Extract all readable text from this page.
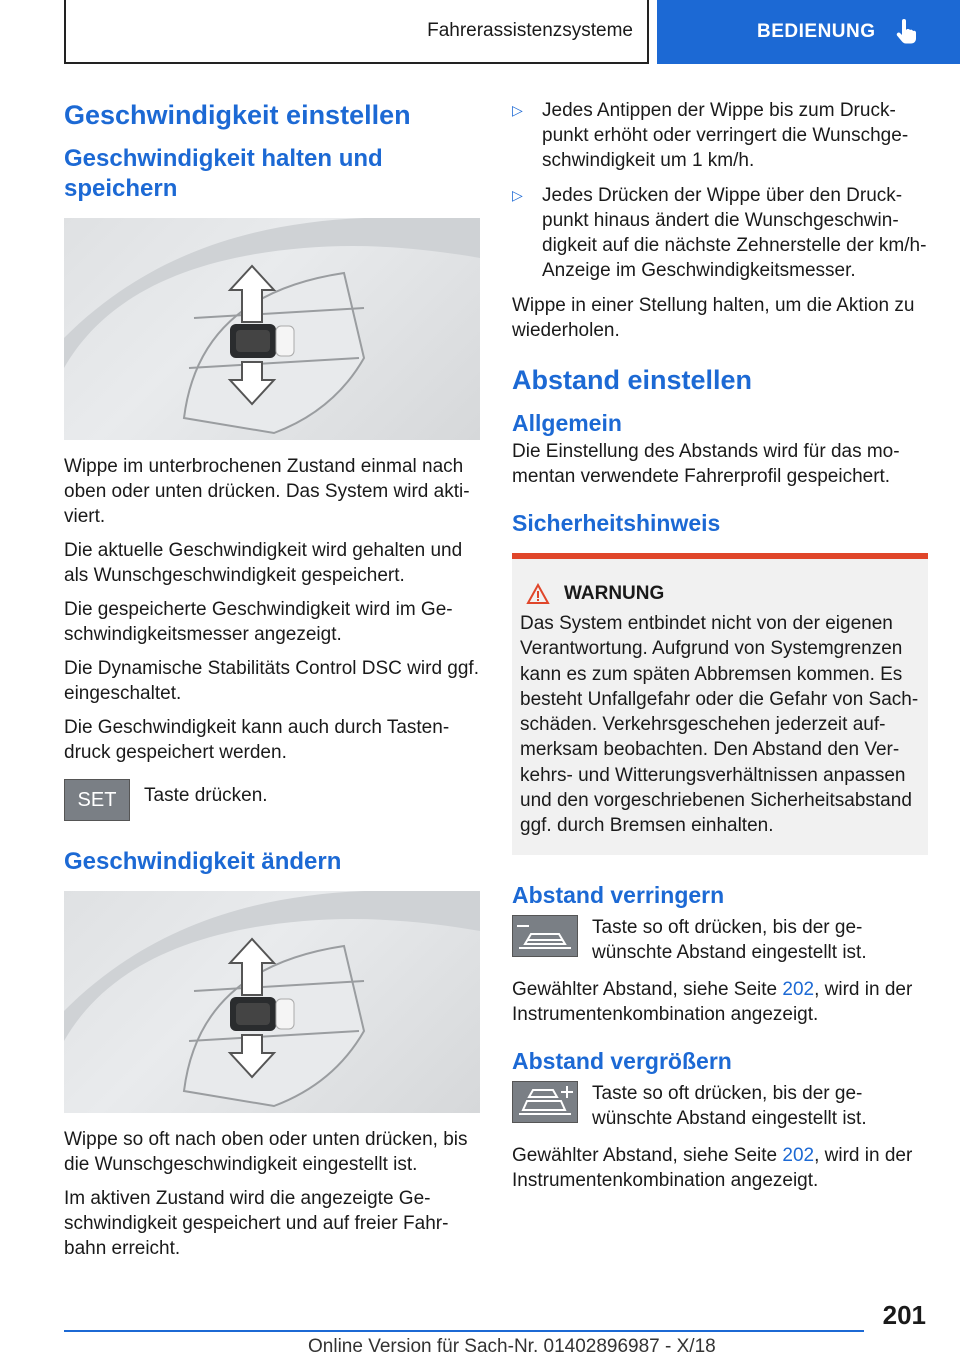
Fahrerassistenzsysteme	BEDIENUNG
Geschwindigkeit einstellen
Geschwindigkeit halten und speichern

Wippe im unterbrochenen Zustand einmal nach oben oder unten drücken. Das System wird aktiviert.

Die aktuelle Geschwindigkeit wird gehalten und als Wunschgeschwindigkeit gespeichert.

Die gespeicherte Geschwindigkeit wird im Geschwindigkeitsmesser angezeigt.

Die Dynamische Stabilitäts Control DSC wird ggf. eingeschaltet.

Die Geschwindigkeit kann auch durch Tastendruck gespeichert werden.

SET	Taste drücken.
Geschwindigkeit ändern

Wippe so oft nach oben oder unten drücken, bis die Wunschgeschwindigkeit eingestellt ist.

Im aktiven Zustand wird die angezeigte Geschwindigkeit gespeichert und auf freier Fahrbahn erreicht.

▷ Jedes Antippen der Wippe bis zum Druckpunkt erhöht oder verringert die Wunschgeschwindigkeit um 1 km/h.
▷ Jedes Drücken der Wippe über den Druckpunkt hinaus ändert die Wunschgeschwindigkeit auf die nächste Zehnerstelle der km/h-Anzeige im Geschwindigkeitsmesser.

Wippe in einer Stellung halten, um die Aktion zu wiederholen.

Abstand einstellen
Allgemein

Die Einstellung des Abstands wird für das momentan verwendete Fahrerprofil gespeichert.

Sicherheitshinweis
WARNUNG

Das System entbindet nicht von der eigenen Verantwortung. Aufgrund von Systemgrenzen kann es zum späten Abbremsen kommen. Es besteht Unfallgefahr oder die Gefahr von Sachschäden. Verkehrsgeschehen jederzeit aufmerksam beobachten. Den Abstand den Verkehrs- und Witterungsverhältnissen anpassen und den vorgeschriebenen Sicherheitsabstand ggf. durch Bremsen einhalten.

Abstand verringern
Taste so oft drücken, bis der gewünschte Abstand eingestellt ist.

Gewählter Abstand, siehe Seite 202, wird in der Instrumentenkombination angezeigt.

Abstand vergrößern
Taste so oft drücken, bis der gewünschte Abstand eingestellt ist.

Gewählter Abstand, siehe Seite 202, wird in der Instrumentenkombination angezeigt.

201
Online Version für Sach-Nr. 01402896987 - X/18
